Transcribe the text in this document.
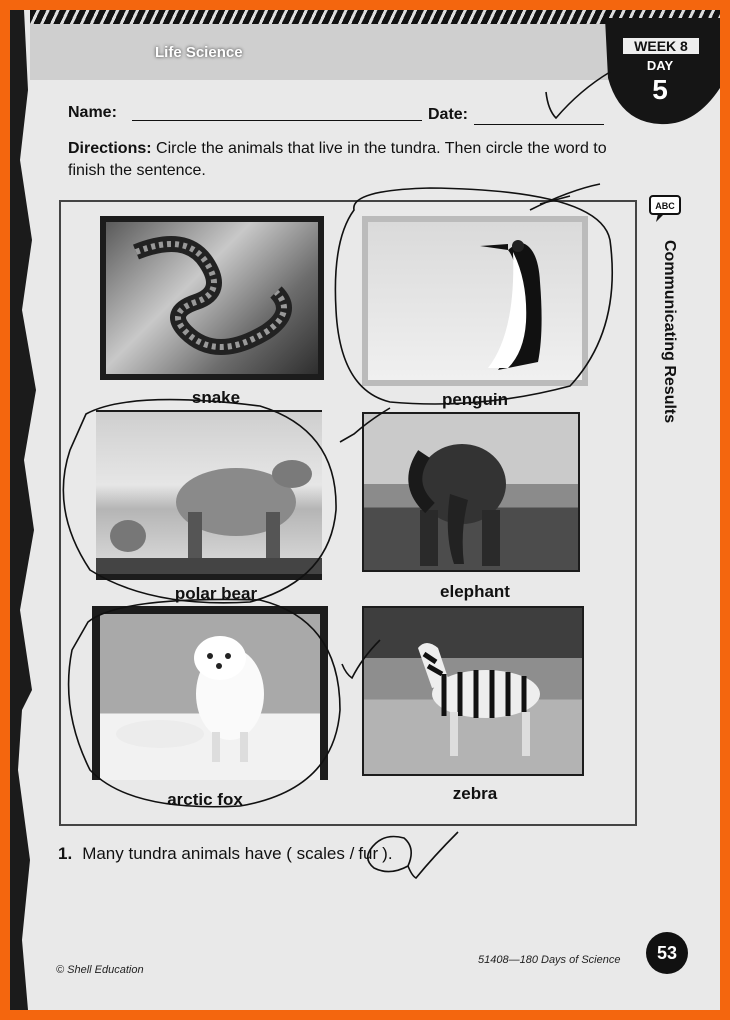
Life Science	WEEK 8
DAY
5
Name:	Date:
Directions: Circle the animals that live in the tundra. Then circle the word to finish the sentence.
snake	penguin
polar bear	elephant
arctic fox	zebra
1. Many tundra animals have ( scales / fur ).
ABC
Communicating Results
© Shell Education
51408—180 Days of Science	53
